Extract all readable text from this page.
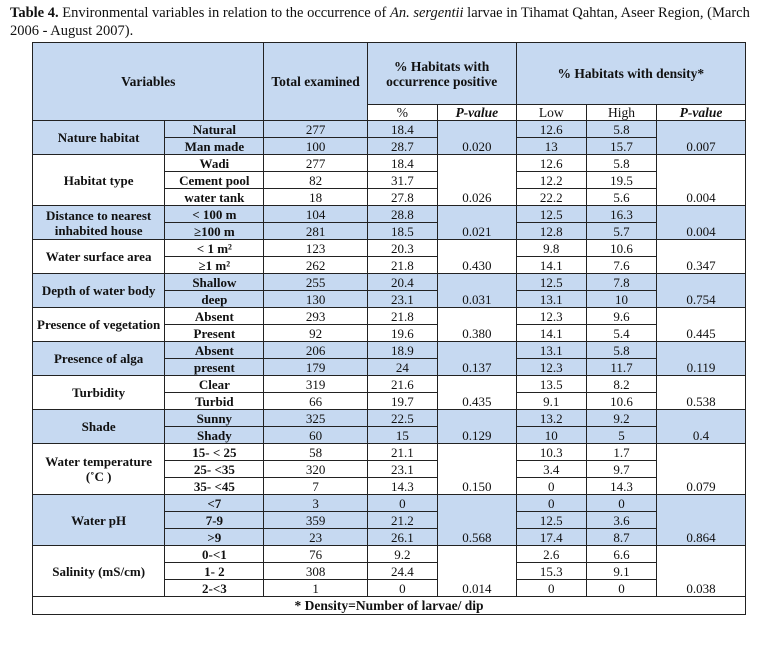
Table 4. Environmental variables in relation to the occurrence of An. sergentii larvae in Tihamat Qahtan, Aseer Region, (March 2006 - August 2007).
Variables		Total examined	% Habitats with occurrence positive		% Habitats with density*		
			%	P-value	Low	High	P-value
Nature habitat	Natural	277	18.4	0.020	12.6	5.8	0.007
	Man made	100	28.7		13	15.7	
Habitat type	Wadi	277	18.4	0.026	12.6	5.8	0.004
	Cement pool	82	31.7		12.2	19.5	
	water tank	18	27.8		22.2	5.6	
Distance to nearest inhabited house	< 100 m	104	28.8	0.021	12.5	16.3	0.004
	≥100 m	281	18.5		12.8	5.7	
Water surface area	< 1 m²	123	20.3	0.430	9.8	10.6	0.347
	≥1 m²	262	21.8		14.1	7.6	
Depth of water body	Shallow	255	20.4	0.031	12.5	7.8	0.754
	deep	130	23.1		13.1	10	
Presence of vegetation	Absent	293	21.8	0.380	12.3	9.6	0.445
	Present	92	19.6		14.1	5.4	
Presence of alga	Absent	206	18.9	0.137	13.1	5.8	0.119
	present	179	24		12.3	11.7	
Turbidity	Clear	319	21.6	0.435	13.5	8.2	0.538
	Turbid	66	19.7		9.1	10.6	
Shade	Sunny	325	22.5	0.129	13.2	9.2	0.4
	Shady	60	15		10	5	
Water temperature (˚C )	15- < 25	58	21.1	0.150	10.3	1.7	0.079
	25- <35	320	23.1		3.4	9.7	
	35- <45	7	14.3		0	14.3	
Water pH	<7	3	0	0.568	0	0	0.864
	7-9	359	21.2		12.5	3.6	
	>9	23	26.1		17.4	8.7	
Salinity (mS/cm)	0-<1	76	9.2	0.014	2.6	6.6	0.038
	1- 2	308	24.4		15.3	9.1	
	2-<3	1	0		0	0	
* Density=Number of larvae/ dip							
